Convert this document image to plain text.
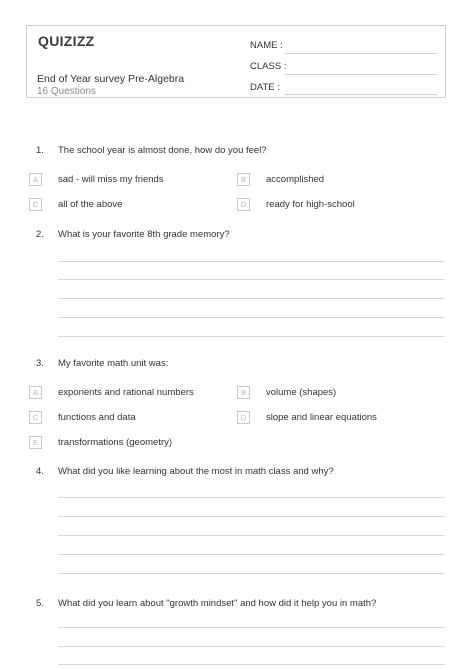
QUIZIZZ
End of Year survey Pre-Algebra
16 Questions
NAME :
CLASS :
DATE :
1. The school year is almost done, how do you feel?
A	sad - will miss my friends	B	accomplished
C	all of the above	D	ready for high-school
2. What is your favorite 8th grade memory?
3. My favorite math unit was:
A	exponents and rational numbers	B	volume (shapes)
C	functions and data	D	slope and linear equations
E	transformations (geometry)
4. What did you like learning about the most in math class and why?
5. What did you learn about "growth mindset" and how did it help you in math?
